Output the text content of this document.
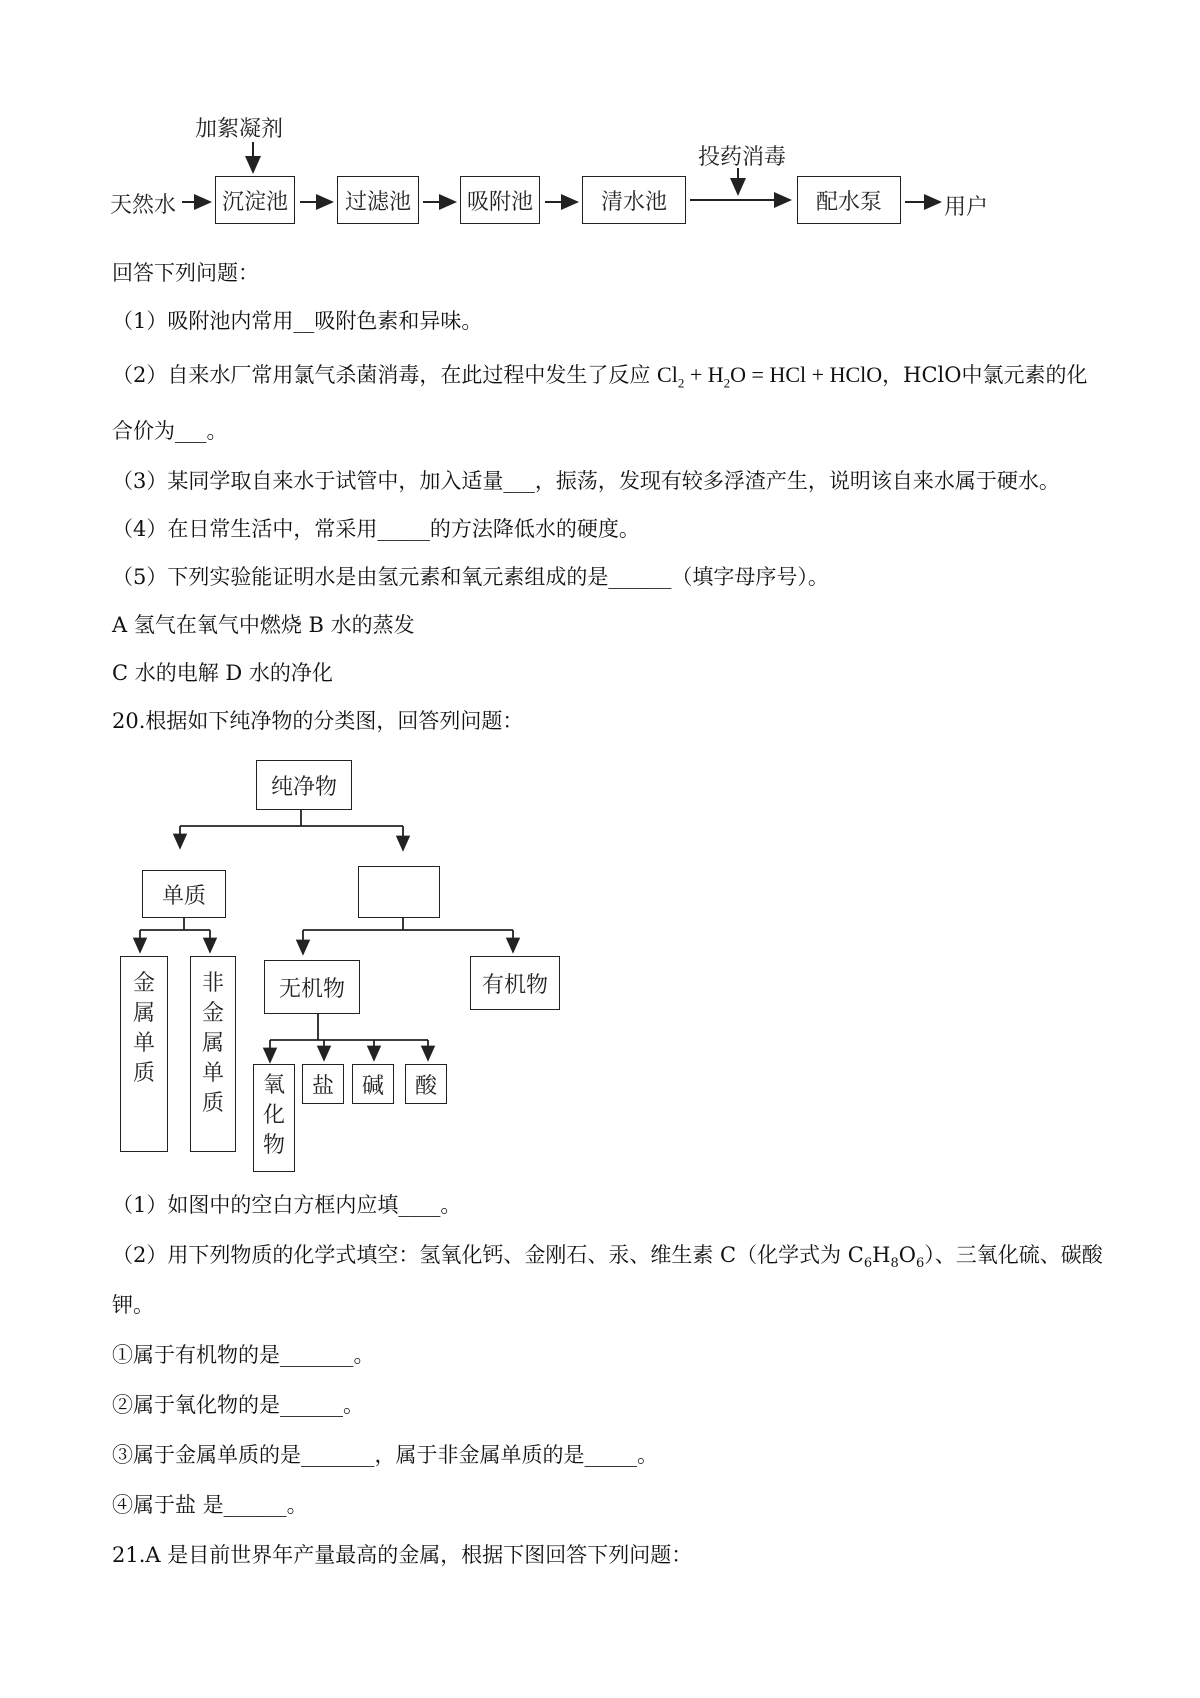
天然水	沉淀池	过滤池	吸附池	清水池	配水泵
加絮凝剂
投药消毒
用户
回答下列问题：
（1）吸附池内常用__吸附色素和异味。
（2）自来水厂常用氯气杀菌消毒，在此过程中发生了反应 $Cl_2 + H_2O$ = HCl + HClO，HClO中氯元素的化
合价为___。
（3）某同学取自来水于试管中，加入适量___，振荡，发现有较多浮渣产生，说明该自来水属于硬水。
（4）在日常生活中，常采用_____的方法降低水的硬度。
（5）下列实验能证明水是由氢元素和氧元素组成的是______（填字母序号）。
A 氢气在氧气中燃烧 B 水的蒸发
C 水的电解 D 水的净化
20.根据如下纯净物的分类图，回答列问题：
纯净物
单质
金
属
单
质
非
金
属
单
质
无机物	有机物
氧
化
物
盐	碱	酸
（1）如图中的空白方框内应填____。
（2）用下列物质的化学式填空：氢氧化钙、金刚石、汞、维生素 C（化学式为 $C_6H_8O_6$）、三氧化硫、碳酸
钾。
①属于有机物的是_______。
②属于氧化物的是______。
③属于金属单质的是_______，属于非金属单质的是_____。
④属于盐 是______。
21.A 是目前世界年产量最高的金属，根据下图回答下列问题：
